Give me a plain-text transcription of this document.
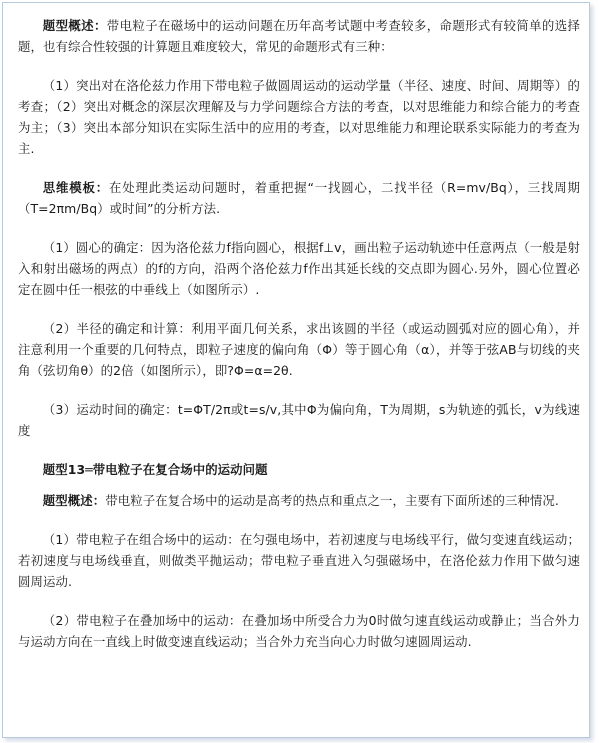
题型概述：带电粒子在磁场中的运动问题在历年高考试题中考查较多，命题形式有较简单的选择题，也有综合性较强的计算题且难度较大，常见的命题形式有三种：

（1）突出对在洛伦兹力作用下带电粒子做圆周运动的运动学量（半径、速度、时间、周期等）的考查；（2）突出对概念的深层次理解及与力学问题综合方法的考查，以对思维能力和综合能力的考查为主；（3）突出本部分知识在实际生活中的应用的考查，以对思维能力和理论联系实际能力的考查为主.

思维模板：在处理此类运动问题时，着重把握“一找圆心，二找半径（R=mv/Bq），三找周期（T=2πm/Bq）或时间”的分析方法.

（1）圆心的确定：因为洛伦兹力f指向圆心，根据f⊥v，画出粒子运动轨迹中任意两点（一般是射入和射出磁场的两点）的f的方向，沿两个洛伦兹力f作出其延长线的交点即为圆心.另外，圆心位置必定在圆中任一根弦的中垂线上（如图所示）.

（2）半径的确定和计算：利用平面几何关系，求出该圆的半径（或运动圆弧对应的圆心角），并注意利用一个重要的几何特点，即粒子速度的偏向角（Φ）等于圆心角（α），并等于弦AB与切线的夹角（弦切角θ）的2倍（如图所示），即?Φ=α=2θ.

（3）运动时间的确定：t=ΦT/2π或t=s/v,其中Φ为偏向角，T为周期，s为轨迹的弧长，v为线速度

题型13═带电粒子在复合场中的运动问题

题型概述：带电粒子在复合场中的运动是高考的热点和重点之一，主要有下面所述的三种情况.

（1）带电粒子在组合场中的运动：在匀强电场中，若初速度与电场线平行，做匀变速直线运动；若初速度与电场线垂直，则做类平抛运动；带电粒子垂直进入匀强磁场中，在洛伦兹力作用下做匀速圆周运动.

（2）带电粒子在叠加场中的运动：在叠加场中所受合力为0时做匀速直线运动或静止；当合外力与运动方向在一直线上时做变速直线运动；当合外力充当向心力时做匀速圆周运动.
